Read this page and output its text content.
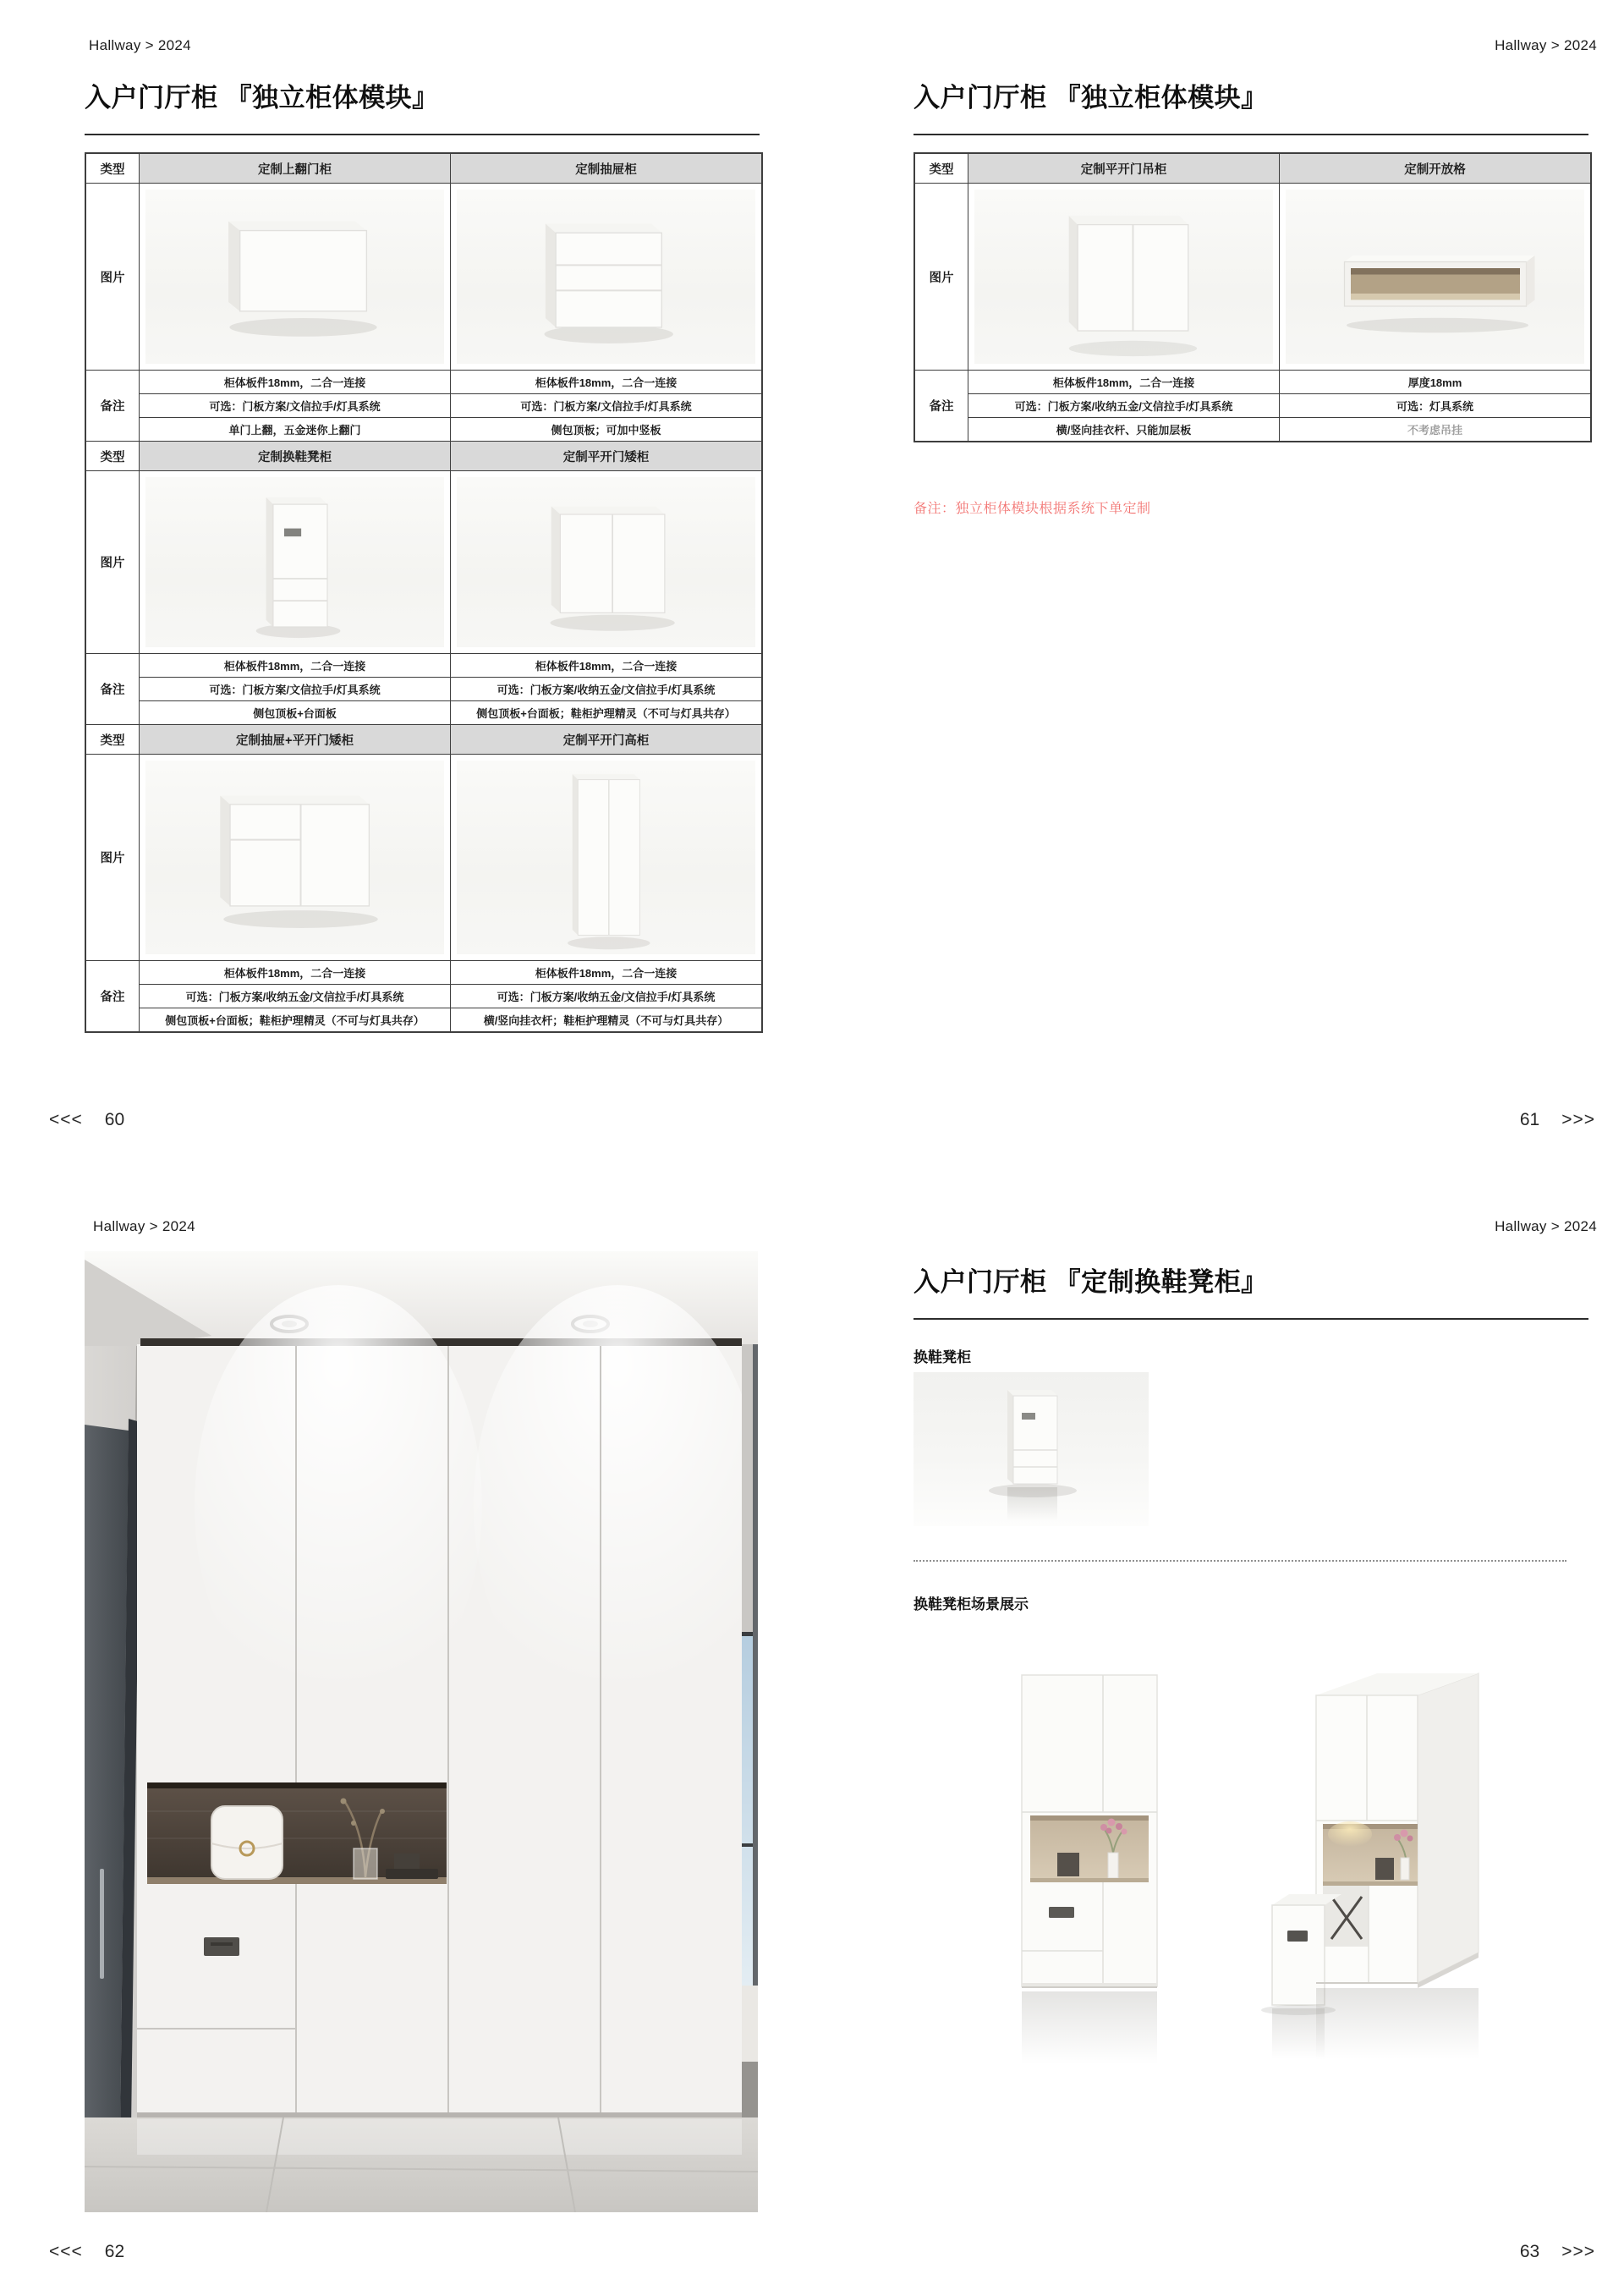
Hallway > 2024
入户门厅柜 『独立柜体模块』
类型	定制上翻门柜	定制抽屉柜
图片
备注
柜体板件18mm，二合一连接	柜体板件18mm，二合一连接
可选：门板方案/文信拉手/灯具系统	可选：门板方案/文信拉手/灯具系统
单门上翻，五金迷你上翻门	侧包顶板；可加中竖板
类型	定制换鞋凳柜	定制平开门矮柜
图片
备注
柜体板件18mm，二合一连接	柜体板件18mm，二合一连接
可选：门板方案/文信拉手/灯具系统	可选：门板方案/收纳五金/文信拉手/灯具系统
侧包顶板+台面板	侧包顶板+台面板；鞋柜护理精灵（不可与灯具共存）
类型	定制抽屉+平开门矮柜	定制平开门高柜
图片
备注
柜体板件18mm，二合一连接	柜体板件18mm，二合一连接
可选：门板方案/收纳五金/文信拉手/灯具系统	可选：门板方案/收纳五金/文信拉手/灯具系统
侧包顶板+台面板；鞋柜护理精灵（不可与灯具共存）	横/竖向挂衣杆；鞋柜护理精灵（不可与灯具共存）
<<< 60
Hallway > 2024
入户门厅柜 『独立柜体模块』
类型	定制平开门吊柜	定制开放格
图片
备注
柜体板件18mm，二合一连接	厚度18mm
可选：门板方案/收纳五金/文信拉手/灯具系统	可选：灯具系统
横/竖向挂衣杆、只能加层板	不考虑吊挂
备注：独立柜体模块根据系统下单定制
61 >>>
Hallway > 2024
<<< 62
Hallway > 2024
入户门厅柜 『定制换鞋凳柜』
换鞋凳柜
换鞋凳柜场景展示
63 >>>
